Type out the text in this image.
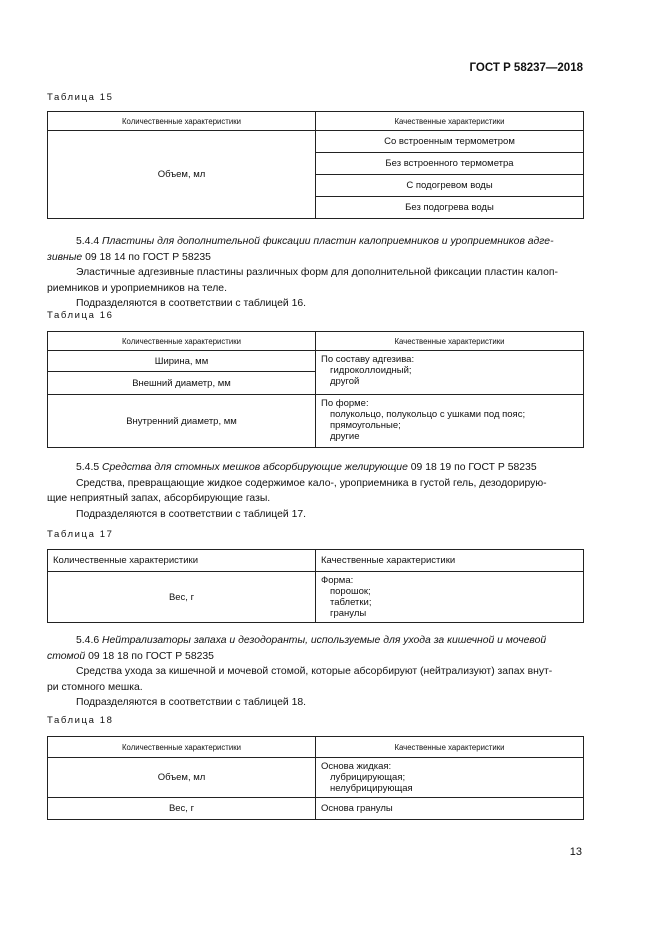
ГОСТ Р 58237—2018
Таблица 15
Количественные характеристики	Качественные характеристики
Объем, мл	Со встроенным термометром
	Без встроенного термометра
	С подогревом воды
	Без подогрева воды
5.4.4 Пластины для дополнительной фиксации пластин калоприемников и уроприемников адге-
зивные 09 18 14 по ГОСТ Р 58235
Эластичные адгезивные пластины различных форм для дополнительной фиксации пластин калоп-
риемников и уроприемников на теле.
Подразделяются в соответствии с таблицей 16.
Таблица 16
Количественные характеристики	Качественные характеристики
Ширина, мм	По составу адгезива:
гидроколлоидный;
другой

Внешний диаметр, мм	
Внутренний диаметр, мм	По форме:
полукольцо, полукольцо с ушками под пояс;
прямоугольные;
другие
5.4.5 Средства для стомных мешков абсорбирующие желирующие 09 18 19 по ГОСТ Р 58235
Средства, превращающие жидкое содержимое кало-, уроприемника в густой гель, дезодорирую-
щие неприятный запах, абсорбирующие газы.
Подразделяются в соответствии с таблицей 17.
Таблица 17
Количественные характеристики	Качественные характеристики
Вес, г	Форма:
порошок;
таблетки;
гранулы
5.4.6 Нейтрализаторы запаха и дезодоранты, используемые для ухода за кишечной и мочевой
стомой 09 18 18 по ГОСТ Р 58235
Средства ухода за кишечной и мочевой стомой, которые абсорбируют (нейтрализуют) запах внут-
ри стомного мешка.
Подразделяются в соответствии с таблицей 18.
Таблица 18
Количественные характеристики	Качественные характеристики
Объем, мл	Основа жидкая:
лубрицирующая;
нелубрицирующая

Вес, г	Основа гранулы
13
